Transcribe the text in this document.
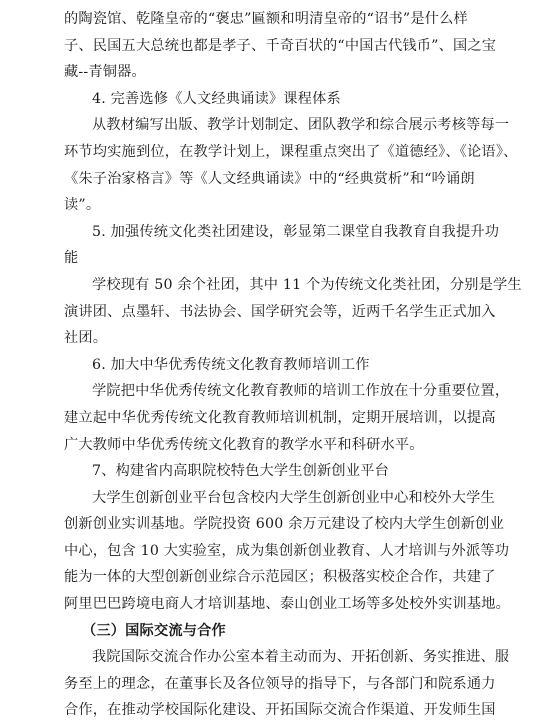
的陶瓷馆、乾隆皇帝的“褒忠”匾额和明清皇帝的“诏书”是什么样
子、民国五大总统也都是孝子、千奇百状的“中国古代钱币”、国之宝
藏--青铜器。
4. 完善选修《人文经典诵读》课程体系
从教材编写出版、教学计划制定、团队教学和综合展示考核等每一
环节均实施到位，在教学计划上，课程重点突出了《道德经》、《论语》、
《朱子治家格言》等《人文经典诵读》中的“经典赏析”和“吟诵朗
读”。
5. 加强传统文化类社团建设，彰显第二课堂自我教育自我提升功
能
学校现有 50 余个社团，其中 11 个为传统文化类社团，分别是学生
演讲团、点墨轩、书法协会、国学研究会等，近两千名学生正式加入
社团。
6. 加大中华优秀传统文化教育教师培训工作
学院把中华优秀传统文化教育教师的培训工作放在十分重要位置，
建立起中华优秀传统文化教育教师培训机制，定期开展培训，以提高
广大教师中华优秀传统文化教育的教学水平和科研水平。
7、构建省内高职院校特色大学生创新创业平台
大学生创新创业平台包含校内大学生创新创业中心和校外大学生
创新创业实训基地。学院投资 600 余万元建设了校内大学生创新创业
中心，包含 10 大实验室，成为集创新创业教育、人才培训与外派等功
能为一体的大型创新创业综合示范园区；积极落实校企合作，共建了
阿里巴巴跨境电商人才培训基地、泰山创业工场等多处校外实训基地。
（三）国际交流与合作
我院国际交流合作办公室本着主动而为、开拓创新、务实推进、服
务至上的理念，在董事长及各位领导的指导下，与各部门和院系通力
合作，在推动学校国际化建设、开拓国际交流合作渠道、开发师生国
